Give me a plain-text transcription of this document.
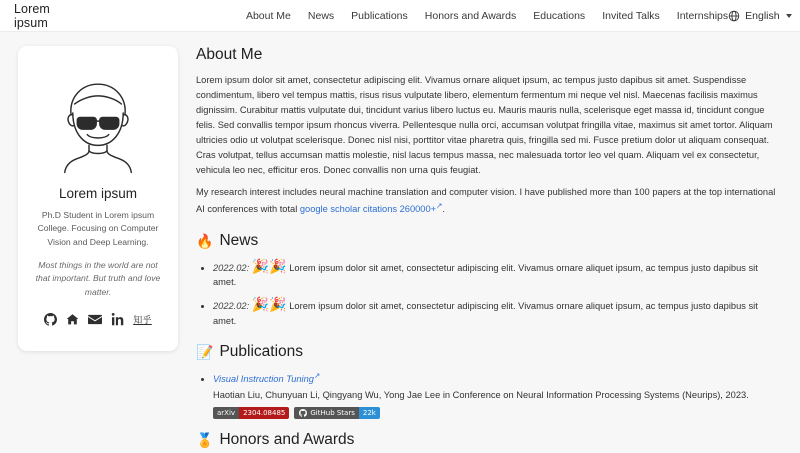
Lorem ipsum	About Me News Publications Honors and Awards Educations Invited Talks Internships English
Lorem ipsum
Ph.D Student in Lorem ipsum College. Focusing on Computer Vision and Deep Learning.
Most things in the world are not that important. But truth and love matter.
知乎
About Me

Lorem ipsum dolor sit amet, consectetur adipiscing elit. Vivamus ornare aliquet ipsum, ac tempus justo dapibus sit amet. Suspendisse condimentum, libero vel tempus mattis, risus risus vulputate libero, elementum fermentum mi neque vel nisl. Maecenas facilisis maximus dignissim. Curabitur mattis vulputate dui, tincidunt varius libero luctus eu. Mauris mauris nulla, scelerisque eget massa id, tincidunt congue felis. Sed convallis tempor ipsum rhoncus viverra. Pellentesque nulla orci, accumsan volutpat fringilla vitae, maximus sit amet tortor. Aliquam ultricies odio ut volutpat scelerisque. Donec nisl nisi, porttitor vitae pharetra quis, fringilla sed mi. Fusce pretium dolor ut aliquam consequat. Cras volutpat, tellus accumsan mattis molestie, nisl lacus tempus massa, nec malesuada tortor leo vel quam. Aliquam vel ex consectetur, vehicula leo nec, efficitur eros. Donec convallis non urna quis feugiat.

My research interest includes neural machine translation and computer vision. I have published more than 100 papers at the top international AI conferences with total google scholar citations 260000+↗.

🔥 News
• 2022.02: 🎉🎉 Lorem ipsum dolor sit amet, consectetur adipiscing elit. Vivamus ornare aliquet ipsum, ac tempus justo dapibus sit amet.
• 2022.02: 🎉🎉 Lorem ipsum dolor sit amet, consectetur adipiscing elit. Vivamus ornare aliquet ipsum, ac tempus justo dapibus sit amet.
📝 Publications
• Visual Instruction Tuning↗
Haotian Liu, Chunyuan Li, Qingyang Wu, Yong Jae Lee in Conference on Neural Information Processing Systems (Neurips), 2023.
arXiv	2304.08485	GitHub Stars	22k
🏅 Honors and Awards
